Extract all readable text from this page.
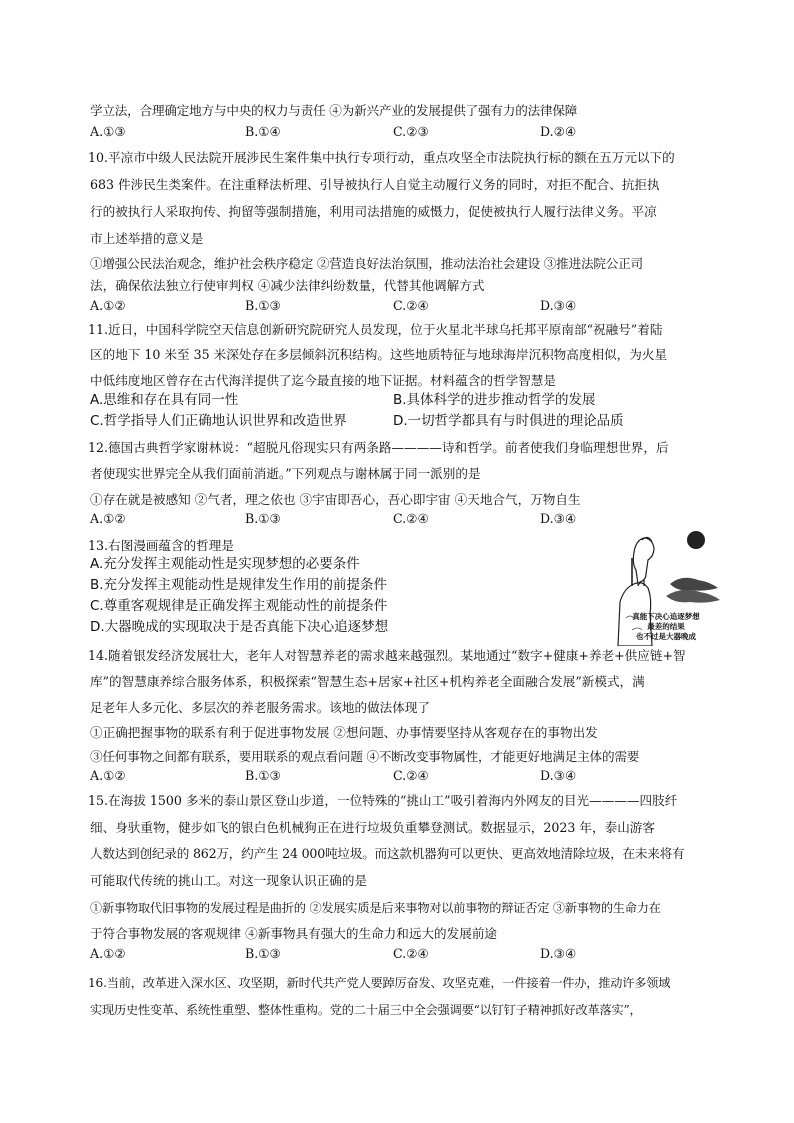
学立法，合理确定地方与中央的权力与责任 ④为新兴产业的发展提供了强有力的法律保障
A.①③	B.①④	C.②③	D.②④
10.平凉市中级人民法院开展涉民生案件集中执行专项行动，重点攻坚全市法院执行标的额在五万元以下的
683 件涉民生类案件。在注重释法析理、引导被执行人自觉主动履行义务的同时，对拒不配合、抗拒执
行的被执行人采取拘传、拘留等强制措施，利用司法措施的威慑力，促使被执行人履行法律义务。平凉
市上述举措的意义是
①增强公民法治观念，维护社会秩序稳定 ②营造良好法治氛围，推动法治社会建设 ③推进法院公正司
法，确保依法独立行使审判权 ④减少法律纠纷数量，代替其他调解方式
A.①②	B.①③	C.②④	D.③④
11.近日，中国科学院空天信息创新研究院研究人员发现，位于火星北半球乌托邦平原南部“祝融号”着陆
区的地下 10 米至 35 米深处存在多层倾斜沉积结构。这些地质特征与地球海岸沉积物高度相似，为火星
中低纬度地区曾存在古代海洋提供了迄今最直接的地下证据。材料蕴含的哲学智慧是
A.思维和存在具有同一性	B.具体科学的进步推动哲学的发展
C.哲学指导人们正确地认识世界和改造世界	D.一切哲学都具有与时俱进的理论品质
12.德国古典哲学家谢林说：“超脱凡俗现实只有两条路————诗和哲学。前者使我们身临理想世界，后
者使现实世界完全从我们面前消逝。”下列观点与谢林属于同一派别的是
①存在就是被感知 ②气者，理之依也 ③宇宙即吾心，吾心即宇宙 ④天地合气，万物自生
A.①②	B.①③	C.②④	D.③④
13.右图漫画蕴含的哲理是
A.充分发挥主观能动性是实现梦想的必要条件
B.充分发挥主观能动性是规律发生作用的前提条件
C.尊重客观规律是正确发挥主观能动性的前提条件
D.大器晚成的实现取决于是否真能下决心追逐梦想
真能下决心追逐梦想
最差的结果
也不过是大器晚成
14.随着银发经济发展壮大，老年人对智慧养老的需求越来越强烈。某地通过“数字+健康+养老+供应链+智
库”的智慧康养综合服务体系，积极探索“智慧生态+居家+社区+机构养老全面融合发展”新模式，满
足老年人多元化、多层次的养老服务需求。该地的做法体现了
①正确把握事物的联系有利于促进事物发展 ②想问题、办事情要坚持从客观存在的事物出发
③任何事物之间都有联系，要用联系的观点看问题 ④不断改变事物属性，才能更好地满足主体的需要
A.①②	B.①③	C.②④	D.③④
15.在海拔 1500 多米的泰山景区登山步道，一位特殊的“挑山工”吸引着海内外网友的目光————四肢纤
细、身驮重物，健步如飞的银白色机械狗正在进行垃圾负重攀登测试。数据显示，2023 年，泰山游客
人数达到创纪录的 862万，约产生 24 000吨垃圾。而这款机器狗可以更快、更高效地清除垃圾，在未来将有
可能取代传统的挑山工。对这一现象认识正确的是
①新事物取代旧事物的发展过程是曲折的 ②发展实质是后来事物对以前事物的辩证否定 ③新事物的生命力在
于符合事物发展的客观规律 ④新事物具有强大的生命力和远大的发展前途
A.①②	B.①③	C.②④	D.③④
16.当前，改革进入深水区、攻坚期，新时代共产党人要踔厉奋发、攻坚克难，一件接着一件办，推动许多领域
实现历史性变革、系统性重塑、整体性重构。党的二十届三中全会强调要“以钉钉子精神抓好改革落实”，
